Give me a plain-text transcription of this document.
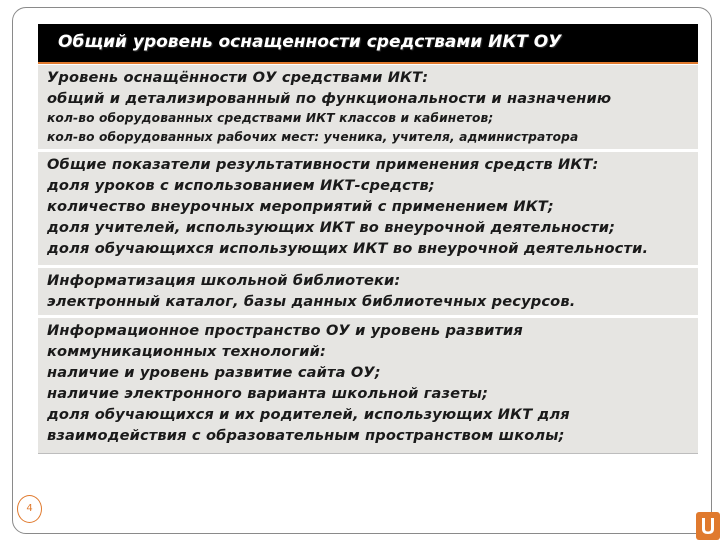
Общий уровень оснащенности средствами ИКТ ОУ
Уровень оснащённости ОУ средствами ИКТ:
общий и детализированный по функциональности и назначению
кол-во оборудованных средствами ИКТ классов и кабинетов;
кол-во оборудованных рабочих мест: ученика, учителя, администратора
Общие показатели результативности применения средств ИКТ:
доля уроков с использованием ИКТ-средств;
количество внеурочных мероприятий с применением ИКТ;
доля учителей, использующих ИКТ во внеурочной деятельности;
доля обучающихся использующих ИКТ во внеурочной деятельности.
Информатизация школьной библиотеки:
электронный каталог, базы данных библиотечных ресурсов.
Информационное пространство ОУ и уровень развития
коммуникационных технологий:
наличие и уровень развитие сайта ОУ;
наличие электронного варианта школьной газеты;
доля обучающихся и их родителей, использующих ИКТ для
взаимодействия с образовательным пространством школы;
4
